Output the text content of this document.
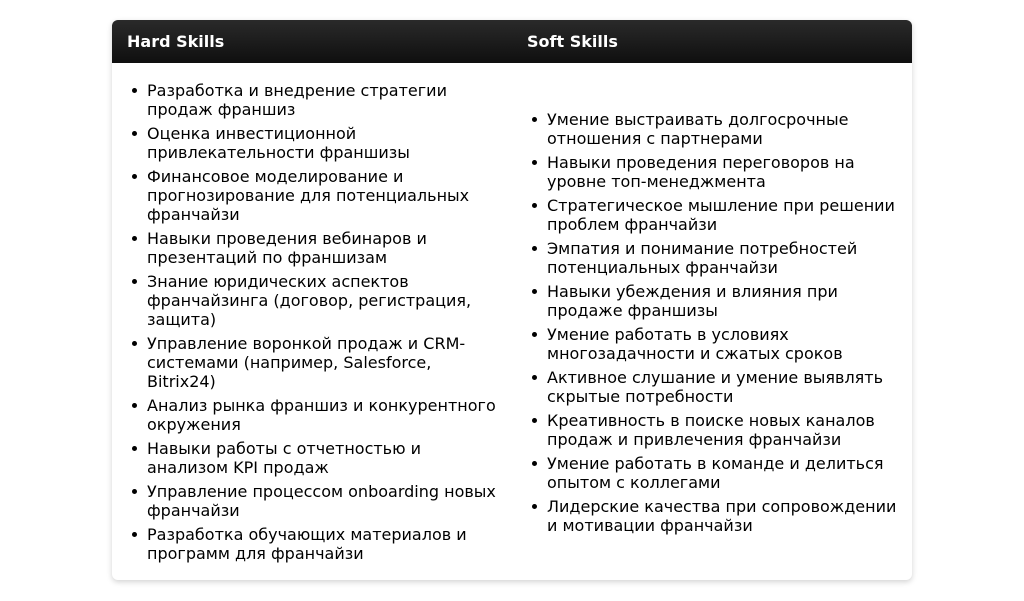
Hard Skills	Soft Skills
Разработка и внедрение стратегии продаж франшиз
Оценка инвестиционной привлекательности франшизы
Финансовое моделирование и прогнозирование для потенциальных франчайзи
Навыки проведения вебинаров и презентаций по франшизам
Знание юридических аспектов франчайзинга (договор, регистрация, защита)
Управление воронкой продаж и CRM-системами (например, Salesforce, Bitrix24)
Анализ рынка франшиз и конкурентного окружения
Навыки работы с отчетностью и анализом KPI продаж
Управление процессом onboarding новых франчайзи
Разработка обучающих материалов и программ для франчайзи
Умение выстраивать долгосрочные отношения с партнерами
Навыки проведения переговоров на уровне топ-менеджмента
Стратегическое мышление при решении проблем франчайзи
Эмпатия и понимание потребностей потенциальных франчайзи
Навыки убеждения и влияния при продаже франшизы
Умение работать в условиях многозадачности и сжатых сроков
Активное слушание и умение выявлять скрытые потребности
Креативность в поиске новых каналов продаж и привлечения франчайзи
Умение работать в команде и делиться опытом с коллегами
Лидерские качества при сопровождении и мотивации франчайзи
